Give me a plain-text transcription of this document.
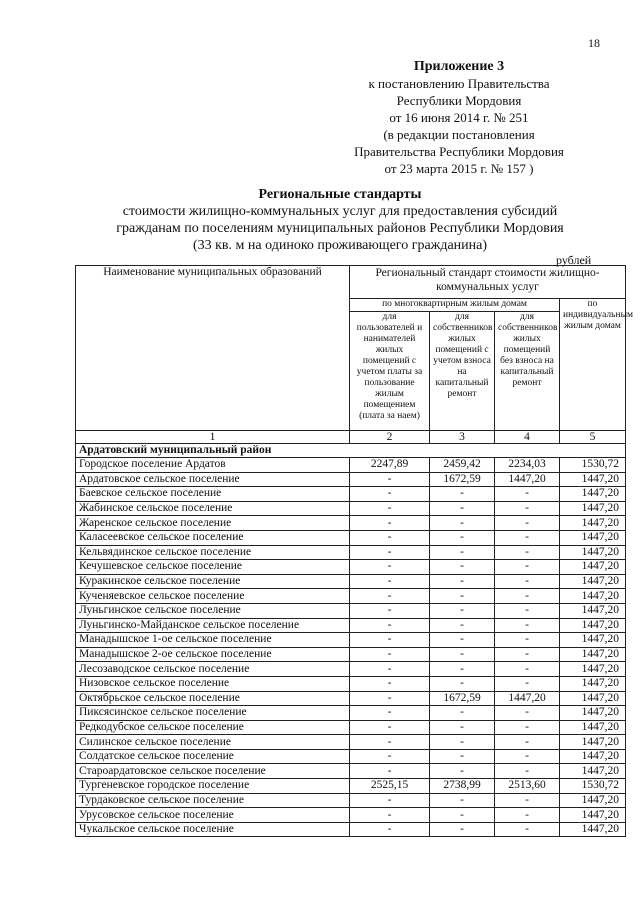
18
Приложение 3
к постановлению Правительства
Республики Мордовия
от 16 июня 2014 г. № 251
(в редакции постановления
Правительства Республики Мордовия
от 23 марта 2015 г. № 157 )
Региональные стандарты
стоимости жилищно-коммунальных услуг для предоставления субсидий
гражданам по поселениям муниципальных районов Республики Мордовия
(33 кв. м на одиноко проживающего гражданина)
рублей
Наименование муниципальных образований	Региональный стандарт стоимости жилищно-коммунальных услуг			
	по многоквартирным жилым домам			по индивидуальным жилым домам
	для пользователей и нанимателей жилых помещений с учетом платы за пользование жилым помещением (плата за наем)	для собственников жилых помещений с учетом взноса на капитальный ремонт	для собственников жилых помещений без взноса на капитальный ремонт	
1	2	3	4	5
Ардатовский муниципальный район				
Городское поселение Ардатов	2247,89	2459,42	2234,03	1530,72
Ардатовское сельское поселение	-	1672,59	1447,20	1447,20
Баевское сельское поселение	-	-	-	1447,20
Жабинское сельское поселение	-	-	-	1447,20
Жаренское сельское поселение	-	-	-	1447,20
Каласеевское сельское поселение	-	-	-	1447,20
Кельвядинское сельское поселение	-	-	-	1447,20
Кечушевское сельское поселение	-	-	-	1447,20
Куракинское сельское поселение	-	-	-	1447,20
Кученяевское сельское поселение	-	-	-	1447,20
Луньгинское сельское поселение	-	-	-	1447,20
Луньгинско-Майданское сельское поселение	-	-	-	1447,20
Манадышское 1-ое сельское поселение	-	-	-	1447,20
Манадышское 2-ое сельское поселение	-	-	-	1447,20
Лесозаводское сельское поселение	-	-	-	1447,20
Низовское сельское поселение	-	-	-	1447,20
Октябрьское сельское поселение	-	1672,59	1447,20	1447,20
Пиксясинское сельское поселение	-	-	-	1447,20
Редкодубское сельское поселение	-	-	-	1447,20
Силинское сельское поселение	-	-	-	1447,20
Солдатское сельское поселение	-	-	-	1447,20
Староардатовское сельское поселение	-	-	-	1447,20
Тургеневское городское поселение	2525,15	2738,99	2513,60	1530,72
Турдаковское сельское поселение	-	-	-	1447,20
Урусовское сельское поселение	-	-	-	1447,20
Чукальское сельское поселение	-	-	-	1447,20
